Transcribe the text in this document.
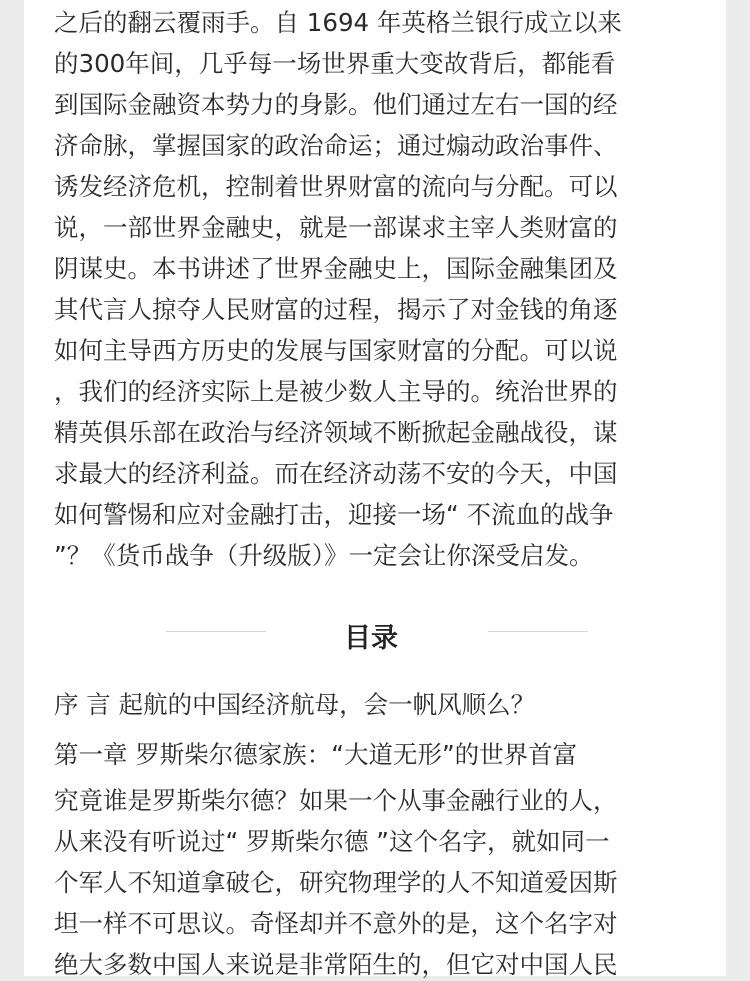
之后的翻云覆雨手。自 1694 年英格兰银行成立以来
的300年间，几乎每一场世界重大变故背后，都能看
到国际金融资本势力的身影。他们通过左右一国的经
济命脉，掌握国家的政治命运；通过煽动政治事件、
诱发经济危机，控制着世界财富的流向与分配。可以
说，一部世界金融史，就是一部谋求主宰人类财富的
阴谋史。本书讲述了世界金融史上，国际金融集团及
其代言人掠夺人民财富的过程，揭示了对金钱的角逐
如何主导西方历史的发展与国家财富的分配。可以说
，我们的经济实际上是被少数人主导的。统治世界的
精英俱乐部在政治与经济领域不断掀起金融战役，谋
求最大的经济利益。而在经济动荡不安的今天，中国
如何警惕和应对金融打击，迎接一场“ 不流血的战争
”？《货币战争（升级版）》一定会让你深受启发。
目录
序 言 起航的中国经济航母，会一帆风顺么？
第一章 罗斯柴尔德家族：“大道无形”的世界首富
究竟谁是罗斯柴尔德？如果一个从事金融行业的人，
从来没有听说过“ 罗斯柴尔德 ”这个名字，就如同一
个军人不知道拿破仑，研究物理学的人不知道爱因斯
坦一样不可思议。奇怪却并不意外的是，这个名字对
绝大多数中国人来说是非常陌生的，但它对中国人民
